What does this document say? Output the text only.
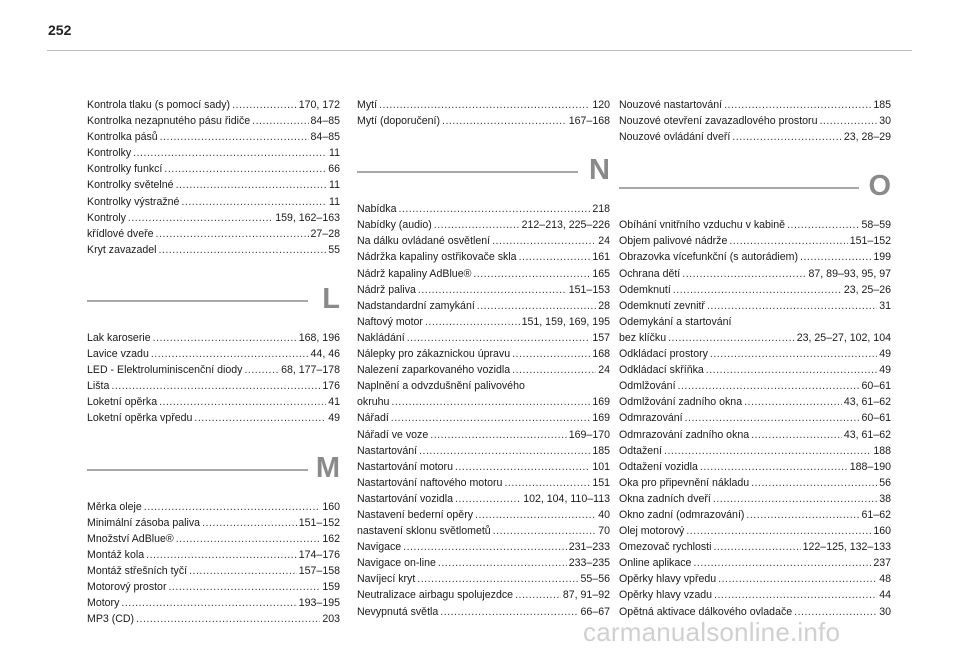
252
Kontrola tlaku (s pomocí sady) .....	170, 172
Kontrolka nezapnutého pásu řidiče .....	84–85
Kontrolka pásů .....	84–85
Kontrolky .....	11
Kontrolky funkcí .....	66
Kontrolky světelné .....	11
Kontrolky výstražné .....	11
Kontroly .....	159, 162–163
křídlové dveře .....	27–28
Kryt zavazadel .....	55
L
Lak karoserie .....	168, 196
Lavice vzadu .....	44, 46
LED - Elektroluminiscenční diody .....	68, 177–178
Lišta .....	176
Loketní opěrka .....	41
Loketní opěrka vpředu .....	49
M
Měrka oleje .....	160
Minimální zásoba paliva .....	151–152
Množství AdBlue® .....	162
Montáž kola .....	174–176
Montáž střešních tyčí .....	157–158
Motorový prostor .....	159
Motory .....	193–195
MP3 (CD) .....	203
Mytí .....	120
Mytí (doporučení) .....	167–168
N
Nabídka .....	218
Nabídky (audio) .....	212–213, 225–226
Na dálku ovládané osvětlení .....	24
Nádržka kapaliny ostřikovače skla .....	161
Nádrž kapaliny AdBlue® .....	165
Nádrž paliva .....	151–153
Nadstandardní zamykání .....	28
Naftový motor .....	151, 159, 169, 195
Nakládání .....	157
Nálepky pro zákaznickou úpravu .....	168
Nalezení zaparkovaného vozidla .....	24
Naplnění a odvzdušnění palivového
okruhu .....	169
Nářadí .....	169
Nářadí ve voze .....	169–170
Nastartování .....	185
Nastartování motoru .....	101
Nastartování naftového motoru .....	151
Nastartování vozidla .....	102, 104, 110–113
Nastavení bederní opěry .....	40
nastavení sklonu světlometů .....	70
Navigace .....	231–233
Navigace on-line .....	233–235
Navíjecí kryt .....	55–56
Neutralizace airbagu spolujezdce .....	87, 91–92
Nevypnutá světla .....	66–67
Nouzové nastartování .....	185
Nouzové otevření zavazadlového prostoru .....	30
Nouzové ovládání dveří .....	23, 28–29
O
Obíhání vnitřního vzduchu v kabině .....	58–59
Objem palivové nádrže .....	151–152
Obrazovka vícefunkční (s autorádiem) .....	199
Ochrana dětí .....	87, 89–93, 95, 97
Odemknutí .....	23, 25–26
Odemknutí zevnitř .....	31
Odemykání a startování
bez klíčku .....	23, 25–27, 102, 104
Odkládací prostory .....	49
Odkládací skříňka .....	49
Odmlžování .....	60–61
Odmlžování zadního okna .....	43, 61–62
Odmrazování .....	60–61
Odmrazování zadního okna .....	43, 61–62
Odtažení .....	188
Odtažení vozidla .....	188–190
Oka pro připevnění nákladu .....	56
Okna zadních dveří .....	38
Okno zadní (odmrazování) .....	61–62
Olej motorový .....	160
Omezovač rychlosti .....	122–125, 132–133
Online aplikace .....	237
Opěrky hlavy vpředu .....	48
Opěrky hlavy vzadu .....	44
Opětná aktivace dálkového ovladače .....	30
carmanualsonline.info
